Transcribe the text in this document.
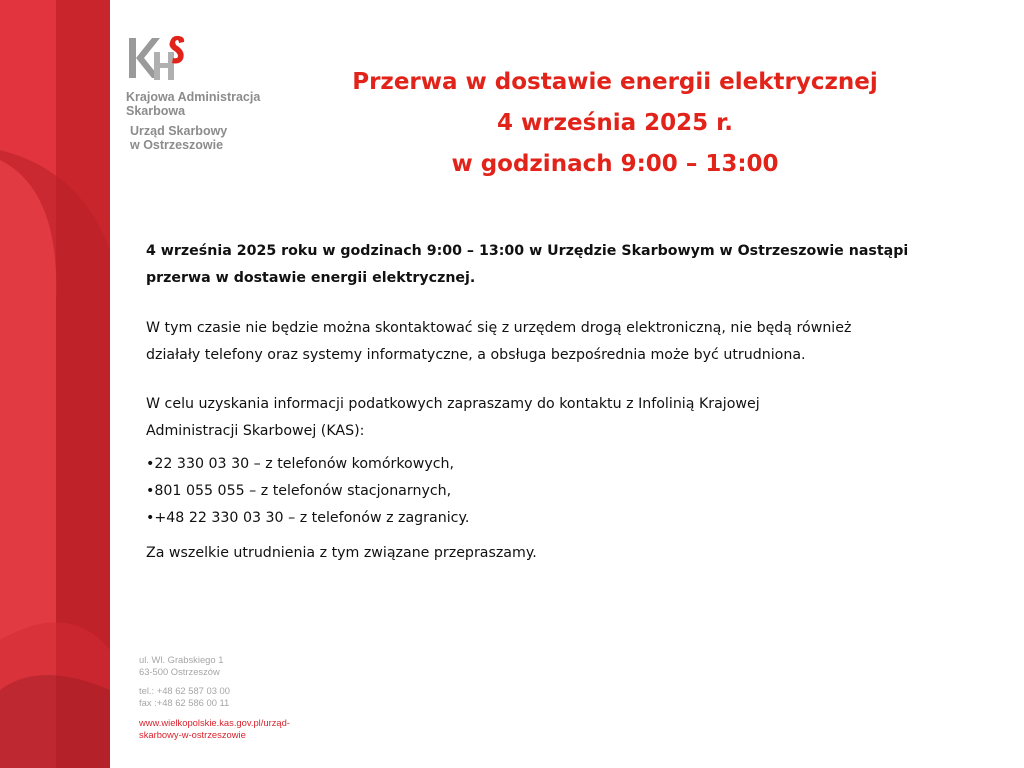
Krajowa Administracja
Skarbowa
Urząd Skarbowy
w Ostrzeszowie
Przerwa w dostawie energii elektrycznej
4 września 2025 r.
w godzinach 9:00 – 13:00

4 września 2025 roku w godzinach 9:00 – 13:00 w Urzędzie Skarbowym w Ostrzeszowie nastąpi

przerwa w dostawie energii elektrycznej.

W tym czasie nie będzie można skontaktować się z urzędem drogą elektroniczną, nie będą również

działały telefony oraz systemy informatyczne, a obsługa bezpośrednia może być utrudniona.

W celu uzyskania informacji podatkowych zapraszamy do kontaktu z Infolinią Krajowej

Administracji Skarbowej (KAS):

•22 330 03 30 – z telefonów komórkowych,
•801 055 055 – z telefonów stacjonarnych,
•+48 22 330 03 30 – z telefonów z zagranicy.

Za wszelkie utrudnienia z tym związane przepraszamy.

ul. Wl. Grabskiego 1
63-500 Ostrzeszów
tel.: +48 62 587 03 00
fax :+48 62 586 00 11
www.wielkopolskie.kas.gov.pl/urząd-
skarbowy-w-ostrzeszowie
